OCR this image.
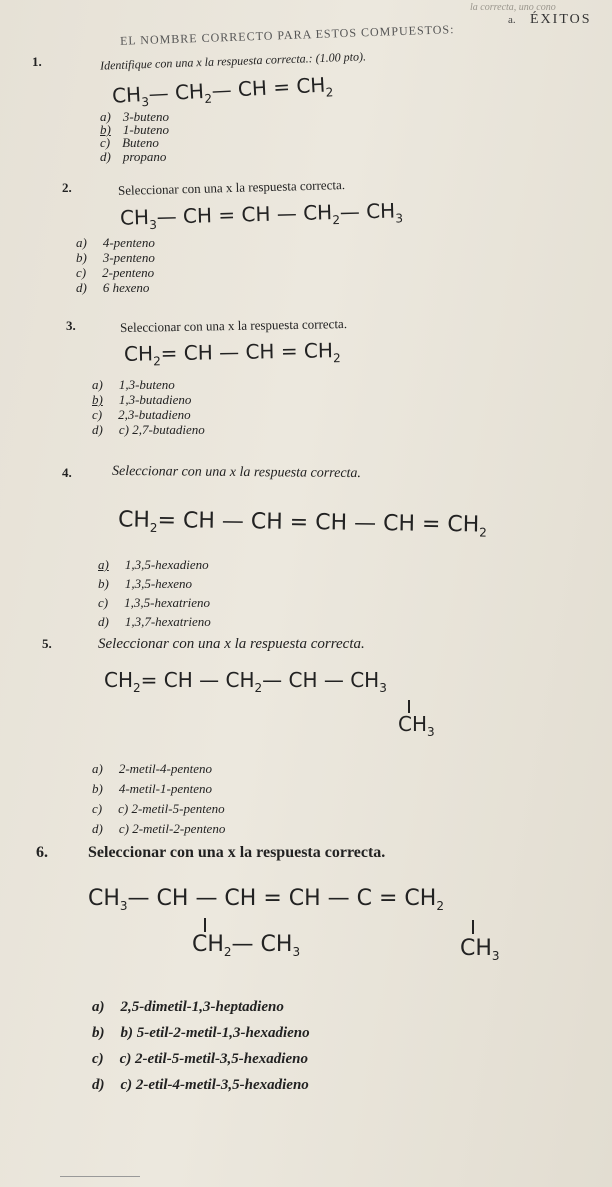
la correcta, uno cono
a. ÉXITOS
EL NOMBRE CORRECTO PARA ESTOS COMPUESTOS:
1.	Identifique con una x la respuesta correcta.: (1.00 pto).
$CH_3—$ $CH_2—$ CH = $CH_2$
a) 3-buteno
b) 1-buteno
c) Buteno
d) propano
2.	Seleccionar con una x la respuesta correcta.
$CH_3—$ CH = CH — $CH_2—$ $CH_3$
a) 4-penteno
b) 3-penteno
c) 2-penteno
d) 6 hexeno
3.	Seleccionar con una x la respuesta correcta.
$CH_2=$ CH — CH = $CH_2$
a) 1,3-buteno
b) 1,3-butadieno
c) 2,3-butadieno
d) c) 2,7-butadieno
4.	Seleccionar con una x la respuesta correcta.
$CH_2=$ CH — CH = CH — CH = $CH_2$
a) 1,3,5-hexadieno
b) 1,3,5-hexeno
c) 1,3,5-hexatrieno
d) 1,3,7-hexatrieno
5.	Seleccionar con una x la respuesta correcta.
$CH_2=$ CH — $CH_2—$ CH — $CH_3$
$CH_3$
a) 2-metil-4-penteno
b) 4-metil-1-penteno
c) c) 2-metil-5-penteno
d) c) 2-metil-2-penteno
6.	Seleccionar con una x la respuesta correcta.
$CH_3—$ CH — CH = CH — $C = CH_2$
$CH_2—$ $CH_3$	$CH_3$
a) 2,5-dimetil-1,3-heptadieno
b) b) 5-etil-2-metil-1,3-hexadieno
c) c) 2-etil-5-metil-3,5-hexadieno
d) c) 2-etil-4-metil-3,5-hexadieno
